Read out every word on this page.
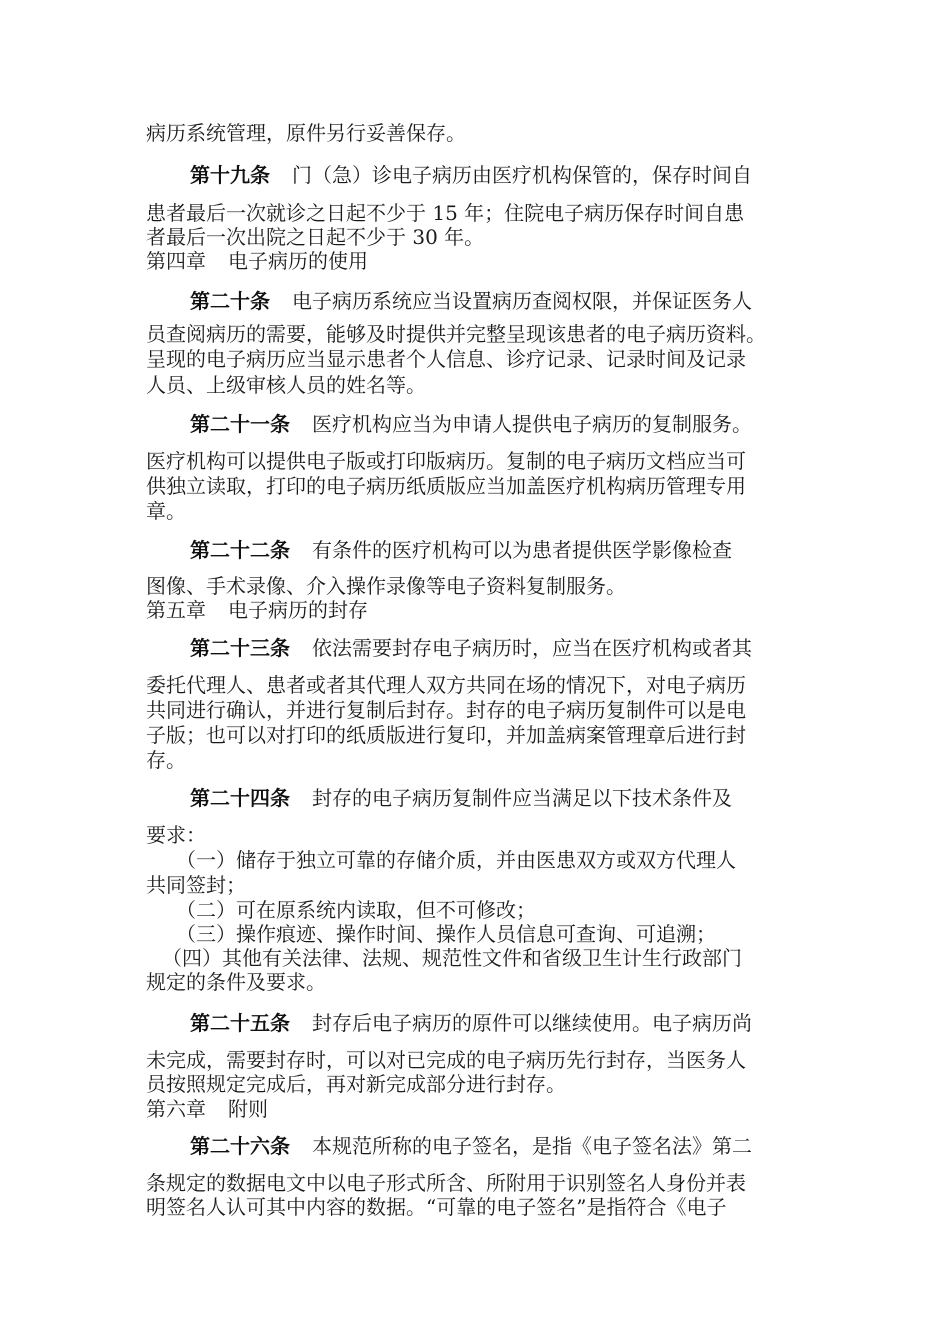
病历系统管理，原件另行妥善保存。
第十九条 门（急）诊电子病历由医疗机构保管的，保存时间自
患者最后一次就诊之日起不少于 15 年；住院电子病历保存时间自患
者最后一次出院之日起不少于 30 年。
第四章 电子病历的使用
第二十条 电子病历系统应当设置病历查阅权限，并保证医务人
员查阅病历的需要，能够及时提供并完整呈现该患者的电子病历资料。
呈现的电子病历应当显示患者个人信息、诊疗记录、记录时间及记录
人员、上级审核人员的姓名等。
第二十一条 医疗机构应当为申请人提供电子病历的复制服务。
医疗机构可以提供电子版或打印版病历。复制的电子病历文档应当可
供独立读取，打印的电子病历纸质版应当加盖医疗机构病历管理专用
章。
第二十二条 有条件的医疗机构可以为患者提供医学影像检查
图像、手术录像、介入操作录像等电子资料复制服务。
第五章 电子病历的封存
第二十三条 依法需要封存电子病历时，应当在医疗机构或者其
委托代理人、患者或者其代理人双方共同在场的情况下，对电子病历
共同进行确认，并进行复制后封存。封存的电子病历复制件可以是电
子版；也可以对打印的纸质版进行复印，并加盖病案管理章后进行封
存。
第二十四条 封存的电子病历复制件应当满足以下技术条件及
要求：
（一）储存于独立可靠的存储介质，并由医患双方或双方代理人
共同签封；
（二）可在原系统内读取，但不可修改；
（三）操作痕迹、操作时间、操作人员信息可查询、可追溯；
（四）其他有关法律、法规、规范性文件和省级卫生计生行政部门
规定的条件及要求。
第二十五条 封存后电子病历的原件可以继续使用。电子病历尚
未完成，需要封存时，可以对已完成的电子病历先行封存，当医务人
员按照规定完成后，再对新完成部分进行封存。
第六章 附则
第二十六条 本规范所称的电子签名，是指《电子签名法》第二
条规定的数据电文中以电子形式所含、所附用于识别签名人身份并表
明签名人认可其中内容的数据。“可靠的电子签名”是指符合《电子
